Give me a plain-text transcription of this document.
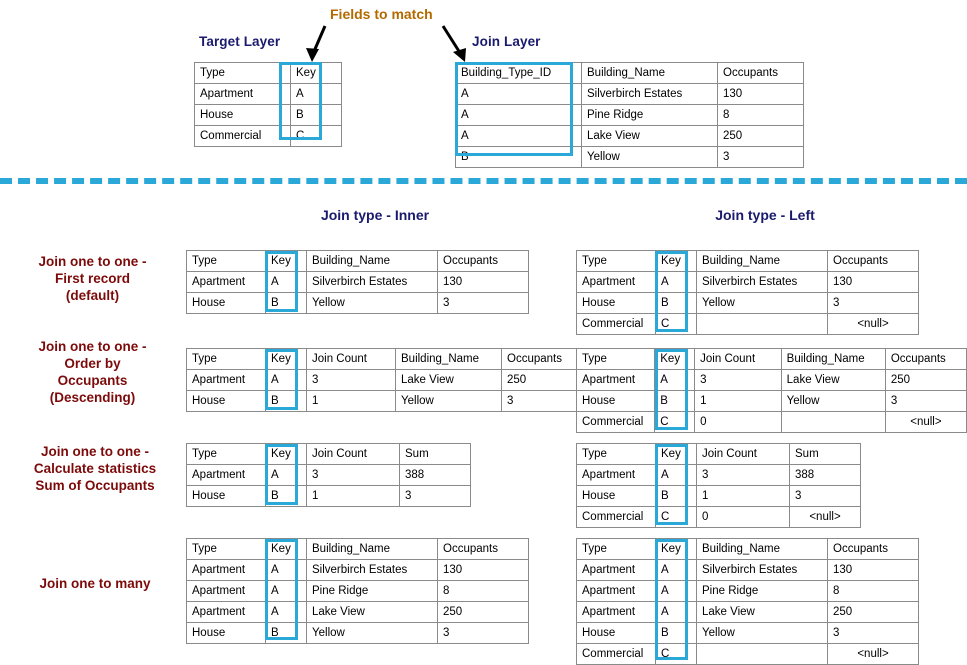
Fields to match
Target Layer	Join Layer
Type	Key
Apartment	A
House	B
Commercial	C
Building_Type_ID	Building_Name	Occupants
A	Silverbirch Estates	130
A	Pine Ridge	8
A	Lake View	250
B	Yellow	3
Join type - Inner	Join type - Left
Join one to one -
First record
(default)
Type	Key	Building_Name	Occupants
Apartment	A	Silverbirch Estates	130
House	B	Yellow	3
Type	Key	Building_Name	Occupants
Apartment	A	Silverbirch Estates	130
House	B	Yellow	3
Commercial	C		<null>
Join one to one -
Order by
Occupants
(Descending)
Type	Key	Join Count	Building_Name	Occupants
Apartment	A	3	Lake View	250
House	B	1	Yellow	3
Type	Key	Join Count	Building_Name	Occupants
Apartment	A	3	Lake View	250
House	B	1	Yellow	3
Commercial	C	0		<null>
Join one to one -
Calculate statistics
Sum of Occupants
Type	Key	Join Count	Sum
Apartment	A	3	388
House	B	1	3
Type	Key	Join Count	Sum
Apartment	A	3	388
House	B	1	3
Commercial	C	0	<null>
Join one to many
Type	Key	Building_Name	Occupants
Apartment	A	Silverbirch Estates	130
Apartment	A	Pine Ridge	8
Apartment	A	Lake View	250
House	B	Yellow	3
Type	Key	Building_Name	Occupants
Apartment	A	Silverbirch Estates	130
Apartment	A	Pine Ridge	8
Apartment	A	Lake View	250
House	B	Yellow	3
Commercial	C		<null>
